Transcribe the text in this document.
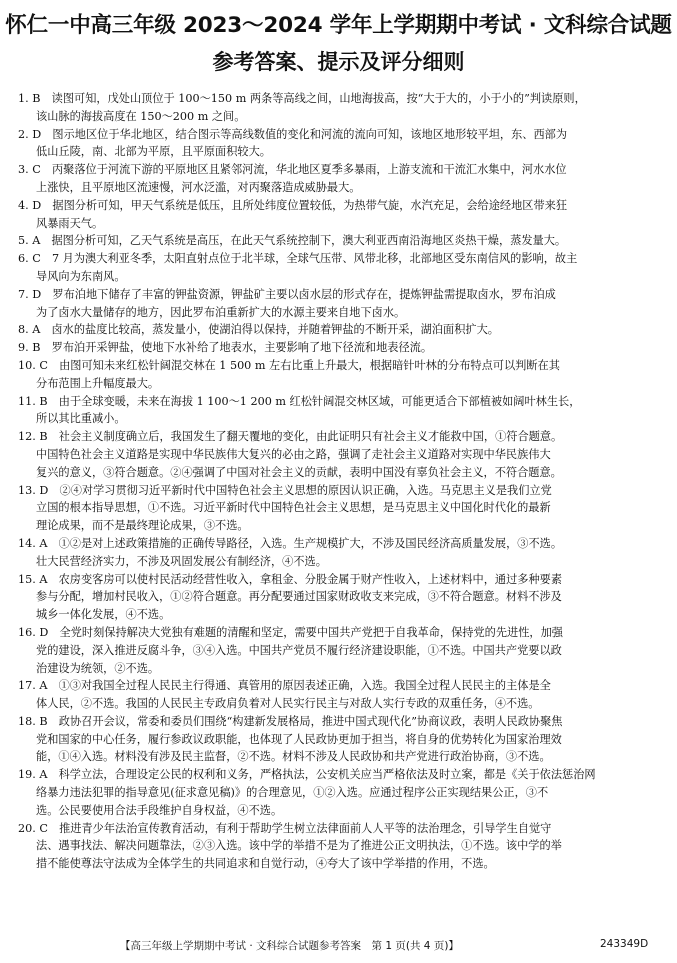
怀仁一中高三年级 2023～2024 学年上学期期中考试 · 文科综合试题
参考答案、提示及评分细则
1. B　读图可知，戊处山顶位于 100～150 m 两条等高线之间，山地海拔高，按“大于大的，小于小的”判读原则，
该山脉的海拔高度在 150～200 m 之间。
2. D　图示地区位于华北地区，结合图示等高线数值的变化和河流的流向可知，该地区地形较平坦，东、西部为
低山丘陵，南、北部为平原，且平原面积较大。
3. C　丙聚落位于河流下游的平原地区且紧邻河流，华北地区夏季多暴雨，上游支流和干流汇水集中，河水水位
上涨快，且平原地区流速慢，河水泛滥，对丙聚落造成威胁最大。
4. D　据图分析可知，甲天气系统是低压，且所处纬度位置较低，为热带气旋，水汽充足，会给途经地区带来狂
风暴雨天气。
5. A　据图分析可知，乙天气系统是高压，在此天气系统控制下，澳大利亚西南沿海地区炎热干燥，蒸发量大。
6. C　7 月为澳大利亚冬季，太阳直射点位于北半球，全球气压带、风带北移，北部地区受东南信风的影响，故主
导风向为东南风。
7. D　罗布泊地下储存了丰富的钾盐资源，钾盐矿主要以卤水层的形式存在，提炼钾盐需提取卤水，罗布泊成
为了卤水大量储存的地方，因此罗布泊重新扩大的水源主要来自地下卤水。
8. A　卤水的盐度比较高，蒸发量小，使湖泊得以保持，并随着钾盐的不断开采，湖泊面积扩大。
9. B　罗布泊开采钾盐，使地下水补给了地表水，主要影响了地下径流和地表径流。
10. C　由图可知未来红松针阔混交林在 1 500 m 左右比重上升最大，根据暗针叶林的分布特点可以判断在其
分布范围上升幅度最大。
11. B　由于全球变暖，未来在海拔 1 100～1 200 m 红松针阔混交林区域，可能更适合下部植被如阔叶林生长，
所以其比重减小。
12. B　社会主义制度确立后，我国发生了翻天覆地的变化，由此证明只有社会主义才能救中国，①符合题意。
中国特色社会主义道路是实现中华民族伟大复兴的必由之路，强调了走社会主义道路对实现中华民族伟大
复兴的意义，③符合题意。②④强调了中国对社会主义的贡献，表明中国没有辜负社会主义，不符合题意。
13. D　②④对学习贯彻习近平新时代中国特色社会主义思想的原因认识正确，入选。马克思主义是我们立党
立国的根本指导思想，①不选。习近平新时代中国特色社会主义思想，是马克思主义中国化时代化的最新
理论成果，而不是最终理论成果，③不选。
14. A　①②是对上述政策措施的正确传导路径，入选。生产规模扩大，不涉及国民经济高质量发展，③不选。
壮大民营经济实力，不涉及巩固发展公有制经济，④不选。
15. A　农房变客房可以使村民活动经营性收入，拿租金、分股金属于财产性收入，上述材料中，通过多种要素
参与分配，增加村民收入，①②符合题意。再分配要通过国家财政收支来完成，③不符合题意。材料不涉及
城乡一体化发展，④不选。
16. D　全党时刻保持解决大党独有难题的清醒和坚定，需要中国共产党把于自我革命，保持党的先进性，加强
党的建设，深入推进反腐斗争，③④入选。中国共产党员不履行经济建设职能，①不选。中国共产党要以政
治建设为统领，②不选。
17. A　①③对我国全过程人民民主行得通、真管用的原因表述正确，入选。我国全过程人民民主的主体是全
体人民，②不选。我国的人民民主专政肩负着对人民实行民主与对敌人实行专政的双重任务，④不选。
18. B　政协召开会议，常委和委员们围绕“构建新发展格局，推进中国式现代化”协商议政，表明人民政协聚焦
党和国家的中心任务，履行参政议政职能，也体现了人民政协更加于担当，将自身的优势转化为国家治理效
能，①④入选。材料没有涉及民主监督，②不选。材料不涉及人民政协和共产党进行政治协商，③不选。
19. A　科学立法，合理设定公民的权利和义务，严格执法，公安机关应当严格依法及时立案，都是《关于依法惩治网
络暴力违法犯罪的指导意见(征求意见稿)》的合理意见，①②入选。应通过程序公正实现结果公正，③不
选。公民要使用合法手段维护自身权益，④不选。
20. C　推进青少年法治宣传教育活动，有利于帮助学生树立法律面前人人平等的法治理念，引导学生自觉守
法、遇事找法、解决问题靠法，②③入选。该中学的举措不是为了推进公正文明执法，①不选。该中学的举
措不能使尊法守法成为全体学生的共同追求和自觉行动，④夸大了该中学举措的作用，不选。
【高三年级上学期期中考试 · 文科综合试题参考答案　第 1 页(共 4 页)】	243349D
